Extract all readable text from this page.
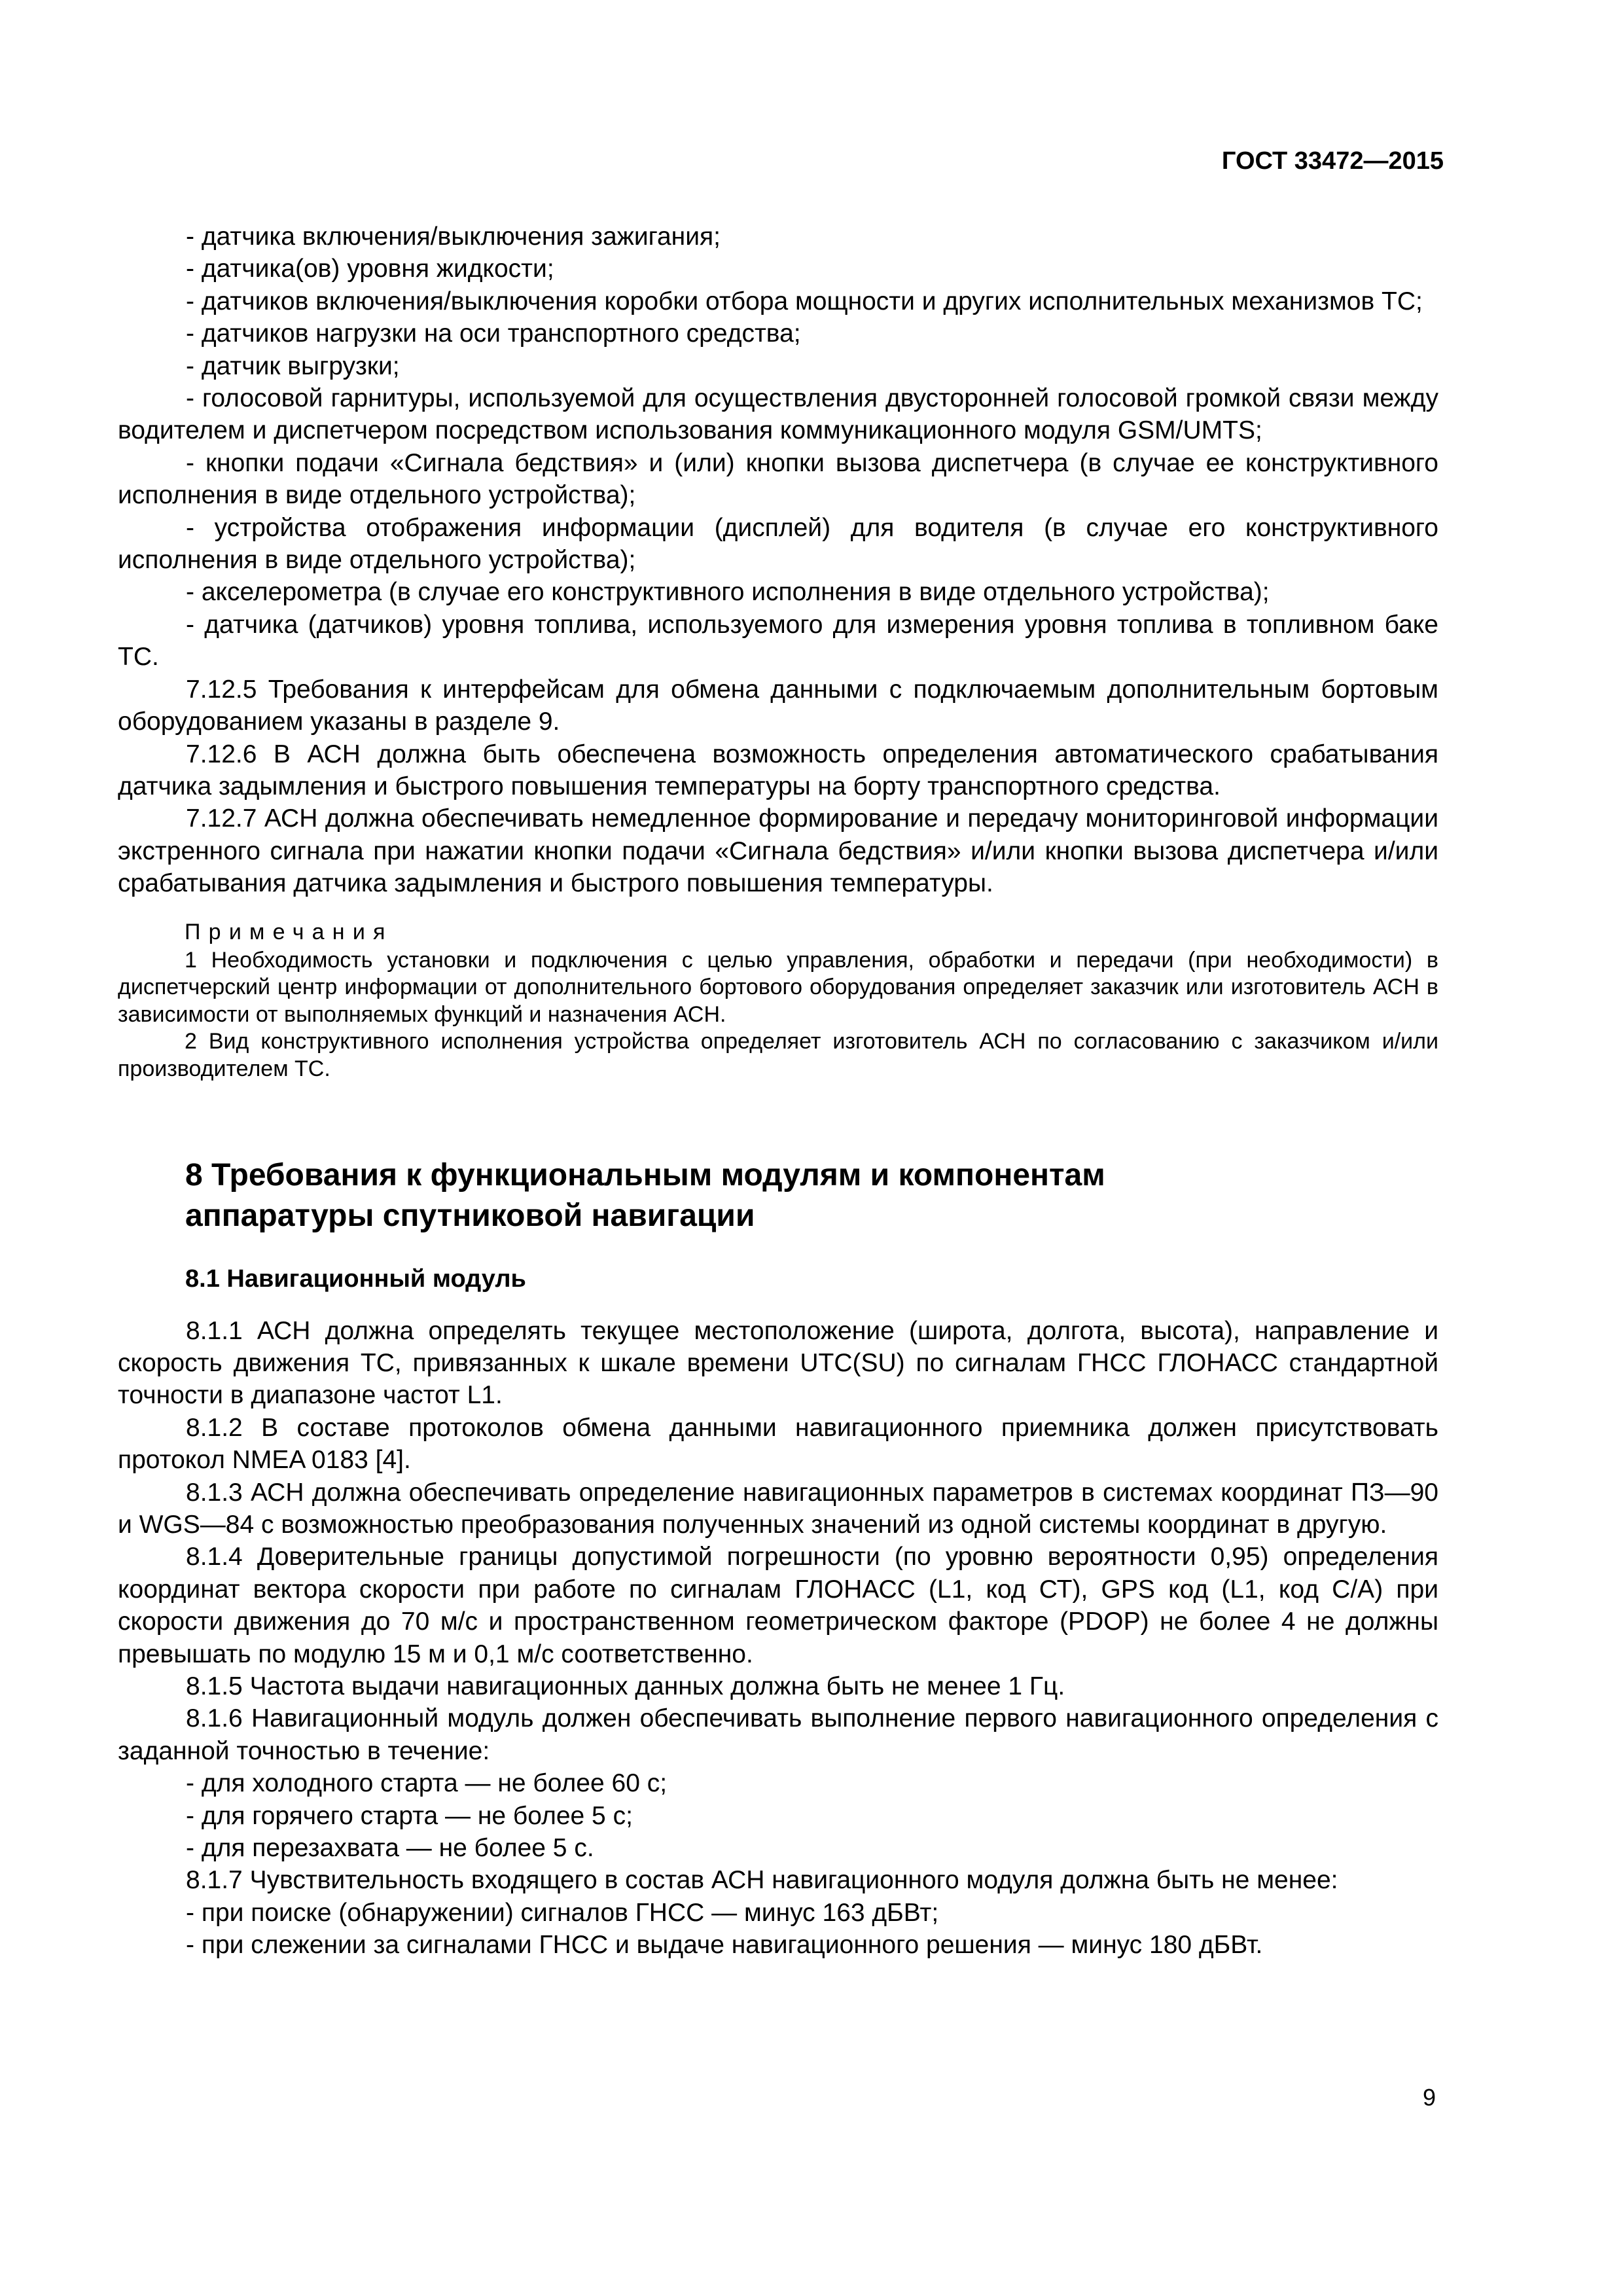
ГОСТ 33472—2015

- датчика включения/выключения зажигания;

- датчика(ов) уровня жидкости;

- датчиков включения/выключения коробки отбора мощности и других исполнительных механизмов ТС;

- датчиков нагрузки на оси транспортного средства;

- датчик выгрузки;

- голосовой гарнитуры, используемой для осуществления двусторонней голосовой громкой связи между водителем и диспетчером посредством использования коммуникационного модуля GSM/UMTS;

- кнопки подачи «Сигнала бедствия» и (или) кнопки вызова диспетчера (в случае ее конструктивного исполнения в виде отдельного устройства);

- устройства отображения информации (дисплей) для водителя (в случае его конструктивного исполнения в виде отдельного устройства);

- акселерометра (в случае его конструктивного исполнения в виде отдельного устройства);

- датчика (датчиков) уровня топлива, используемого для измерения уровня топлива в топливном баке ТС.

7.12.5 Требования к интерфейсам для обмена данными с подключаемым дополнительным бортовым оборудованием указаны в разделе 9.

7.12.6 В АСН должна быть обеспечена возможность определения автоматического срабатывания датчика задымления и быстрого повышения температуры на борту транспортного средства.

7.12.7 АСН должна обеспечивать немедленное формирование и передачу мониторинговой информации экстренного сигнала при нажатии кнопки подачи «Сигнала бедствия» и/или кнопки вызова диспетчера и/или срабатывания датчика задымления и быстрого повышения температуры.

Примечания

1 Необходимость установки и подключения с целью управления, обработки и передачи (при необходимости) в диспетчерский центр информации от дополнительного бортового оборудования определяет заказчик или изготовитель АСН в зависимости от выполняемых функций и назначения АСН.

2 Вид конструктивного исполнения устройства определяет изготовитель АСН по согласованию с заказчиком и/или производителем ТС.

8 Требования к функциональным модулям и компонентам
аппаратуры спутниковой навигации
8.1 Навигационный модуль

8.1.1 АСН должна определять текущее местоположение (широта, долгота, высота), направление и скорость движения ТС, привязанных к шкале времени UTC(SU) по сигналам ГНСС ГЛОНАСС стандартной точности в диапазоне частот L1.

8.1.2 В составе протоколов обмена данными навигационного приемника должен присутствовать протокол NMEA 0183 [4].

8.1.3 АСН должна обеспечивать определение навигационных параметров в системах координат ПЗ—90 и WGS—84 с возможностью преобразования полученных значений из одной системы координат в другую.

8.1.4 Доверительные границы допустимой погрешности (по уровню вероятности 0,95) определения координат вектора скорости при работе по сигналам ГЛОНАСС (L1, код СТ), GPS код (L1, код C/A) при скорости движения до 70 м/с и пространственном геометрическом факторе (PDOP) не более 4 не должны превышать по модулю 15 м и 0,1 м/с соответственно.

8.1.5 Частота выдачи навигационных данных должна быть не менее 1 Гц.

8.1.6 Навигационный модуль должен обеспечивать выполнение первого навигационного определения с заданной точностью в течение:

- для холодного старта — не более 60 с;

- для горячего старта — не более 5 с;

- для перезахвата — не более 5 с.

8.1.7 Чувствительность входящего в состав АСН навигационного модуля должна быть не менее:

- при поиске (обнаружении) сигналов ГНСС — минус 163 дБВт;

- при слежении за сигналами ГНСС и выдаче навигационного решения — минус 180 дБВт.

9
